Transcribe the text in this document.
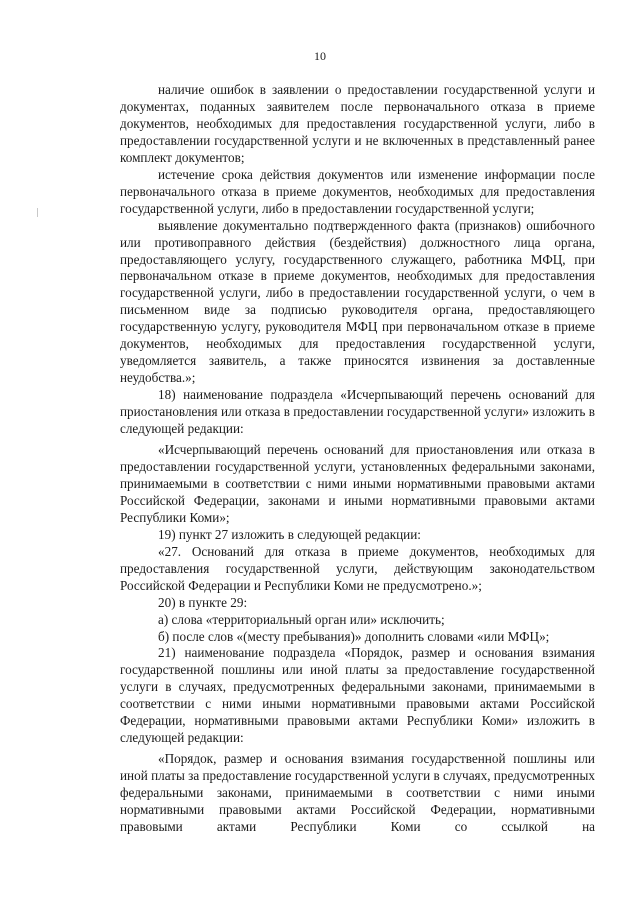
10

наличие ошибок в заявлении о предоставлении государственной услуги и документах, поданных заявителем после первоначального отказа в приеме документов, необходимых для предоставления государственной услуги, либо в предоставлении государственной услуги и не включенных в представленный ранее комплект документов;

истечение срока действия документов или изменение информации после первоначального отказа в приеме документов, необходимых для предоставления государственной услуги, либо в предоставлении государственной услуги;

выявление документально подтвержденного факта (признаков) ошибочного или противоправного действия (бездействия) должностного лица органа, предоставляющего услугу, государственного служащего, работника МФЦ, при первоначальном отказе в приеме документов, необходимых для предоставления государственной услуги, либо в предоставлении государственной услуги, о чем в письменном виде за подписью руководителя органа, предоставляющего государственную услугу, руководителя МФЦ при первоначальном отказе в приеме документов, необходимых для предоставления государственной услуги, уведомляется заявитель, а также приносятся извинения за доставленные неудобства.»;

18) наименование подраздела «Исчерпывающий перечень оснований для приостановления или отказа в предоставлении государственной услуги» изложить в следующей редакции:

«Исчерпывающий перечень оснований для приостановления или отказа в предоставлении государственной услуги, установленных федеральными законами, принимаемыми в соответствии с ними иными нормативными правовыми актами Российской Федерации, законами и иными нормативными правовыми актами Республики Коми»;

19) пункт 27 изложить в следующей редакции:

«27. Оснований для отказа в приеме документов, необходимых для предоставления государственной услуги, действующим законодательством Российской Федерации и Республики Коми не предусмотрено.»;

20) в пункте 29:

а) слова «территориальный орган или» исключить;

б) после слов «(месту пребывания)» дополнить словами «или МФЦ»;

21) наименование подраздела «Порядок, размер и основания взимания государственной пошлины или иной платы за предоставление государственной услуги в случаях, предусмотренных федеральными законами, принимаемыми в соответствии с ними иными нормативными правовыми актами Российской Федерации, нормативными правовыми актами Республики Коми» изложить в следующей редакции:

«Порядок, размер и основания взимания государственной пошлины или иной платы за предоставление государственной услуги в случаях, предусмотренных федеральными законами, принимаемыми в соответствии с ними иными нормативными правовыми актами Российской Федерации, нормативными правовыми актами Республики Коми со ссылкой на
